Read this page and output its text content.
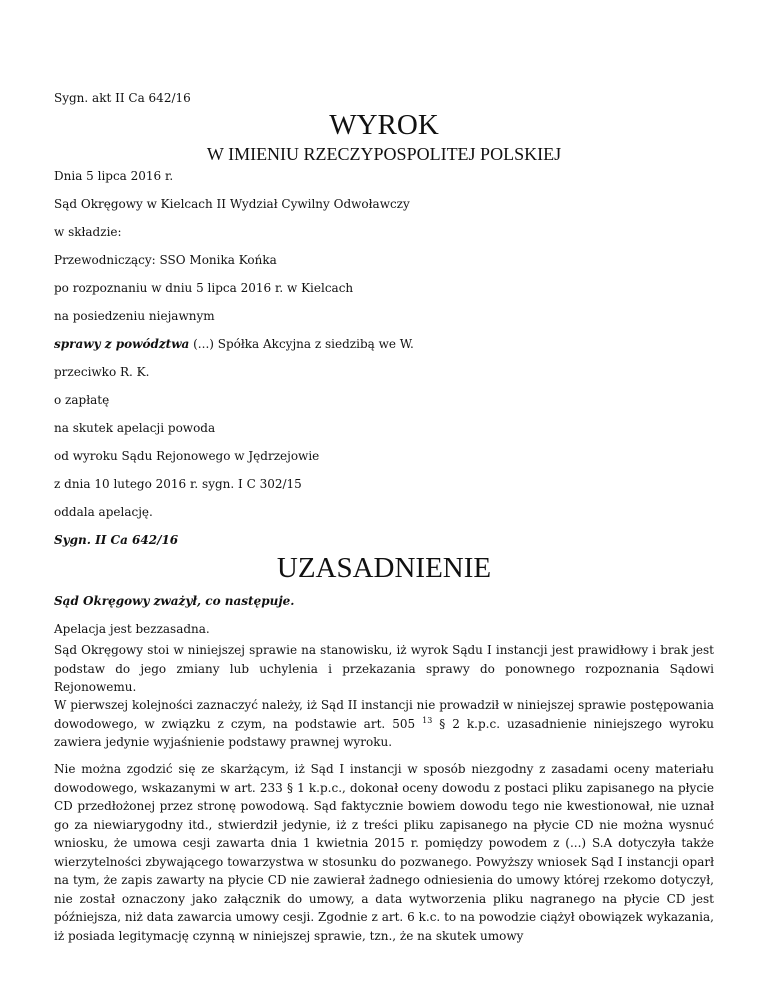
Sygn. akt II Ca 642/16

WYROK
W IMIENIU RZECZYPOSPOLITEJ POLSKIEJ

Dnia 5 lipca 2016 r.

Sąd Okręgowy w Kielcach II Wydział Cywilny Odwoławczy

w składzie:

Przewodniczący: SSO Monika Końka

po rozpoznaniu w dniu 5 lipca 2016 r. w Kielcach

na posiedzeniu niejawnym

sprawy z powództwa (...) Spółka Akcyjna z siedzibą we W.

przeciwko R. K.

o zapłatę

na skutek apelacji powoda

od wyroku Sądu Rejonowego w Jędrzejowie

z dnia 10 lutego 2016 r. sygn. I C 302/15

oddala apelację.

Sygn. II Ca 642/16

UZASADNIENIE

Sąd Okręgowy zważył, co następuje.

Apelacja jest bezzasadna.

Sąd Okręgowy stoi w niniejszej sprawie na stanowisku, iż wyrok Sądu I instancji jest prawidłowy i brak jest podstaw do jego zmiany lub uchylenia i przekazania sprawy do ponownego rozpoznania Sądowi Rejonowemu.

W pierwszej kolejności zaznaczyć należy, iż Sąd II instancji nie prowadził w niniejszej sprawie postępowania dowodowego, w związku z czym, na podstawie art. 505 $^{13}$ § 2 k.p.c. uzasadnienie niniejszego wyroku zawiera jedynie wyjaśnienie podstawy prawnej wyroku.

Nie można zgodzić się ze skarżącym, iż Sąd I instancji w sposób niezgodny z zasadami oceny materiału dowodowego, wskazanymi w art. 233 § 1 k.p.c., dokonał oceny dowodu z postaci pliku zapisanego na płycie CD przedłożonej przez stronę powodową. Sąd faktycznie bowiem dowodu tego nie kwestionował, nie uznał go za niewiarygodny itd., stwierdził jedynie, iż z treści pliku zapisanego na płycie CD nie można wysnuć wniosku, że umowa cesji zawarta dnia 1 kwietnia 2015 r. pomiędzy powodem z (...) S.A dotyczyła także wierzytelności zbywającego towarzystwa w stosunku do pozwanego. Powyższy wniosek Sąd I instancji oparł na tym, że zapis zawarty na płycie CD nie zawierał żadnego odniesienia do umowy której rzekomo dotyczył, nie został oznaczony jako załącznik do umowy, a data wytworzenia pliku nagranego na płycie CD jest późniejsza, niż data zawarcia umowy cesji. Zgodnie z art. 6 k.c. to na powodzie ciążył obowiązek wykazania, iż posiada legitymację czynną w niniejszej sprawie, tzn., że na skutek umowy
